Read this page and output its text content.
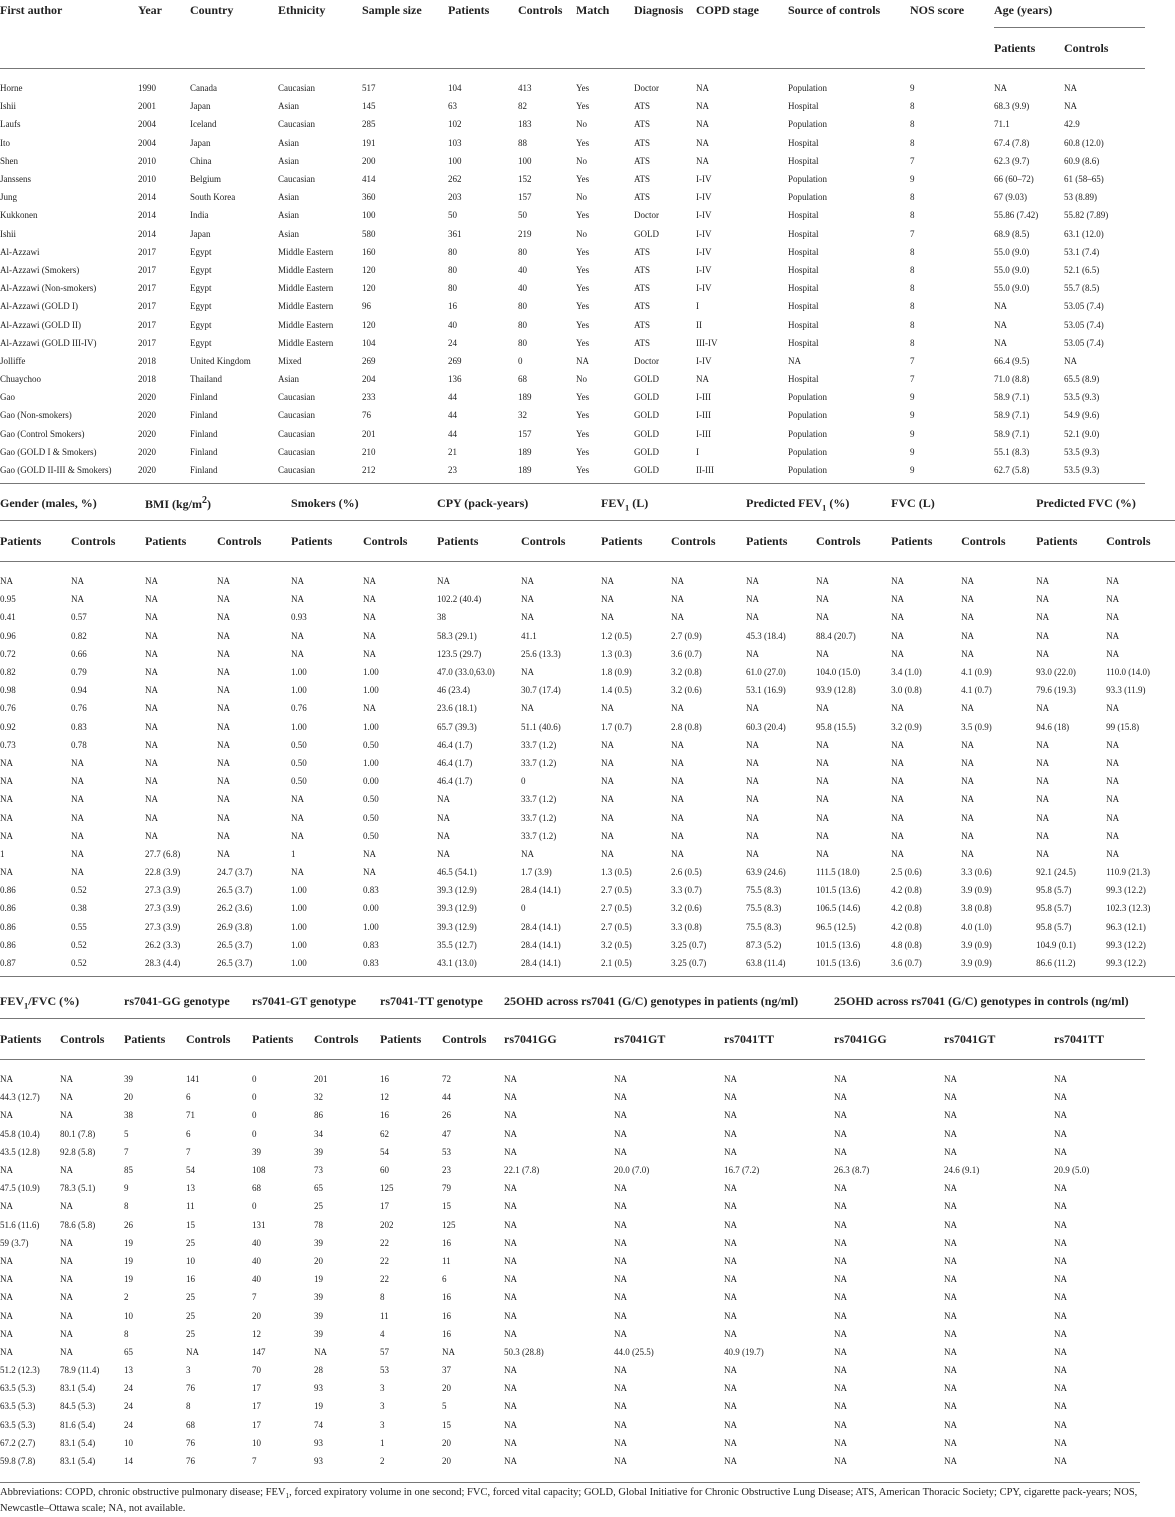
First author	Year	Country	Ethnicity	Sample size	Patients	Controls	Match	Diagnosis	COPD stage	Source of controls	NOS score	Age (years)	
												Patients	Controls

Horne	1990	Canada	Caucasian	517	104	413	Yes	Doctor	NA	Population	9	NA	NA
Ishii	2001	Japan	Asian	145	63	82	Yes	ATS	NA	Hospital	8	68.3 (9.9)	NA
Laufs	2004	Iceland	Caucasian	285	102	183	No	ATS	NA	Population	8	71.1	42.9
Ito	2004	Japan	Asian	191	103	88	Yes	ATS	NA	Hospital	8	67.4 (7.8)	60.8 (12.0)
Shen	2010	China	Asian	200	100	100	No	ATS	NA	Hospital	7	62.3 (9.7)	60.9 (8.6)
Janssens	2010	Belgium	Caucasian	414	262	152	Yes	ATS	I-IV	Population	9	66 (60–72)	61 (58–65)
Jung	2014	South Korea	Asian	360	203	157	No	ATS	I-IV	Population	8	67 (9.03)	53 (8.89)
Kukkonen	2014	India	Asian	100	50	50	Yes	Doctor	I-IV	Hospital	8	55.86 (7.42)	55.82 (7.89)
Ishii	2014	Japan	Asian	580	361	219	No	GOLD	I-IV	Hospital	7	68.9 (8.5)	63.1 (12.0)
Al-Azzawi	2017	Egypt	Middle Eastern	160	80	80	Yes	ATS	I-IV	Hospital	8	55.0 (9.0)	53.1 (7.4)
Al-Azzawi (Smokers)	2017	Egypt	Middle Eastern	120	80	40	Yes	ATS	I-IV	Hospital	8	55.0 (9.0)	52.1 (6.5)
Al-Azzawi (Non-smokers)	2017	Egypt	Middle Eastern	120	80	40	Yes	ATS	I-IV	Hospital	8	55.0 (9.0)	55.7 (8.5)
Al-Azzawi (GOLD I)	2017	Egypt	Middle Eastern	96	16	80	Yes	ATS	I	Hospital	8	NA	53.05 (7.4)
Al-Azzawi (GOLD II)	2017	Egypt	Middle Eastern	120	40	80	Yes	ATS	II	Hospital	8	NA	53.05 (7.4)
Al-Azzawi (GOLD III-IV)	2017	Egypt	Middle Eastern	104	24	80	Yes	ATS	III-IV	Hospital	8	NA	53.05 (7.4)
Jolliffe	2018	United Kingdom	Mixed	269	269	0	NA	Doctor	I-IV	NA	7	66.4 (9.5)	NA
Chuaychoo	2018	Thailand	Asian	204	136	68	No	GOLD	NA	Hospital	7	71.0 (8.8)	65.5 (8.9)
Gao	2020	Finland	Caucasian	233	44	189	Yes	GOLD	I-III	Population	9	58.9 (7.1)	53.5 (9.3)
Gao (Non-smokers)	2020	Finland	Caucasian	76	44	32	Yes	GOLD	I-III	Population	9	58.9 (7.1)	54.9 (9.6)
Gao (Control Smokers)	2020	Finland	Caucasian	201	44	157	Yes	GOLD	I-III	Population	9	58.9 (7.1)	52.1 (9.0)
Gao (GOLD I & Smokers)	2020	Finland	Caucasian	210	21	189	Yes	GOLD	I	Population	9	55.1 (8.3)	53.5 (9.3)
Gao (GOLD II-III & Smokers)	2020	Finland	Caucasian	212	23	189	Yes	GOLD	II-III	Population	9	62.7 (5.8)	53.5 (9.3)

Gender (males, %)		BMI $(kg/m^2)$		Smokers (%)		CPY (pack-years)		$FEV_1$ (L)		Predicted $FEV_1$ (%)		FVC (L)		Predicted FVC (%)	
Patients	Controls	Patients	Controls	Patients	Controls	Patients	Controls	Patients	Controls	Patients	Controls	Patients	Controls	Patients	Controls

NA	NA	NA	NA	NA	NA	NA	NA	NA	NA	NA	NA	NA	NA	NA	NA
0.95	NA	NA	NA	NA	NA	102.2 (40.4)	NA	NA	NA	NA	NA	NA	NA	NA	NA
0.41	0.57	NA	NA	0.93	NA	38	NA	NA	NA	NA	NA	NA	NA	NA	NA
0.96	0.82	NA	NA	NA	NA	58.3 (29.1)	41.1	1.2 (0.5)	2.7 (0.9)	45.3 (18.4)	88.4 (20.7)	NA	NA	NA	NA
0.72	0.66	NA	NA	NA	NA	123.5 (29.7)	25.6 (13.3)	1.3 (0.3)	3.6 (0.7)	NA	NA	NA	NA	NA	NA
0.82	0.79	NA	NA	1.00	1.00	47.0 (33.0,63.0)	NA	1.8 (0.9)	3.2 (0.8)	61.0 (27.0)	104.0 (15.0)	3.4 (1.0)	4.1 (0.9)	93.0 (22.0)	110.0 (14.0)
0.98	0.94	NA	NA	1.00	1.00	46 (23.4)	30.7 (17.4)	1.4 (0.5)	3.2 (0.6)	53.1 (16.9)	93.9 (12.8)	3.0 (0.8)	4.1 (0.7)	79.6 (19.3)	93.3 (11.9)
0.76	0.76	NA	NA	0.76	NA	23.6 (18.1)	NA	NA	NA	NA	NA	NA	NA	NA	NA
0.92	0.83	NA	NA	1.00	1.00	65.7 (39.3)	51.1 (40.6)	1.7 (0.7)	2.8 (0.8)	60.3 (20.4)	95.8 (15.5)	3.2 (0.9)	3.5 (0.9)	94.6 (18)	99 (15.8)
0.73	0.78	NA	NA	0.50	0.50	46.4 (1.7)	33.7 (1.2)	NA	NA	NA	NA	NA	NA	NA	NA
NA	NA	NA	NA	0.50	1.00	46.4 (1.7)	33.7 (1.2)	NA	NA	NA	NA	NA	NA	NA	NA
NA	NA	NA	NA	0.50	0.00	46.4 (1.7)	0	NA	NA	NA	NA	NA	NA	NA	NA
NA	NA	NA	NA	NA	0.50	NA	33.7 (1.2)	NA	NA	NA	NA	NA	NA	NA	NA
NA	NA	NA	NA	NA	0.50	NA	33.7 (1.2)	NA	NA	NA	NA	NA	NA	NA	NA
NA	NA	NA	NA	NA	0.50	NA	33.7 (1.2)	NA	NA	NA	NA	NA	NA	NA	NA
1	NA	27.7 (6.8)	NA	1	NA	NA	NA	NA	NA	NA	NA	NA	NA	NA	NA
NA	NA	22.8 (3.9)	24.7 (3.7)	NA	NA	46.5 (54.1)	1.7 (3.9)	1.3 (0.5)	2.6 (0.5)	63.9 (24.6)	111.5 (18.0)	2.5 (0.6)	3.3 (0.6)	92.1 (24.5)	110.9 (21.3)
0.86	0.52	27.3 (3.9)	26.5 (3.7)	1.00	0.83	39.3 (12.9)	28.4 (14.1)	2.7 (0.5)	3.3 (0.7)	75.5 (8.3)	101.5 (13.6)	4.2 (0.8)	3.9 (0.9)	95.8 (5.7)	99.3 (12.2)
0.86	0.38	27.3 (3.9)	26.2 (3.6)	1.00	0.00	39.3 (12.9)	0	2.7 (0.5)	3.2 (0.6)	75.5 (8.3)	106.5 (14.6)	4.2 (0.8)	3.8 (0.8)	95.8 (5.7)	102.3 (12.3)
0.86	0.55	27.3 (3.9)	26.9 (3.8)	1.00	1.00	39.3 (12.9)	28.4 (14.1)	2.7 (0.5)	3.3 (0.8)	75.5 (8.3)	96.5 (12.5)	4.2 (0.8)	4.0 (1.0)	95.8 (5.7)	96.3 (12.1)
0.86	0.52	26.2 (3.3)	26.5 (3.7)	1.00	0.83	35.5 (12.7)	28.4 (14.1)	3.2 (0.5)	3.25 (0.7)	87.3 (5.2)	101.5 (13.6)	4.8 (0.8)	3.9 (0.9)	104.9 (0.1)	99.3 (12.2)
0.87	0.52	28.3 (4.4)	26.5 (3.7)	1.00	0.83	43.1 (13.0)	28.4 (14.1)	2.1 (0.5)	3.25 (0.7)	63.8 (11.4)	101.5 (13.6)	3.6 (0.7)	3.9 (0.9)	86.6 (11.2)	99.3 (12.2)

$FEV_1$/FVC (%)		rs7041-GG genotype		rs7041-GT genotype		rs7041-TT genotype		25OHD across rs7041 (G/C) genotypes in patients (ng/ml)			25OHD across rs7041 (G/C) genotypes in controls (ng/ml)		
Patients	Controls	Patients	Controls	Patients	Controls	Patients	Controls	rs7041GG	rs7041GT	rs7041TT	rs7041GG	rs7041GT	rs7041TT

NA	NA	39	141	0	201	16	72	NA	NA	NA	NA	NA	NA
44.3 (12.7)	NA	20	6	0	32	12	44	NA	NA	NA	NA	NA	NA
NA	NA	38	71	0	86	16	26	NA	NA	NA	NA	NA	NA
45.8 (10.4)	80.1 (7.8)	5	6	0	34	62	47	NA	NA	NA	NA	NA	NA
43.5 (12.8)	92.8 (5.8)	7	7	39	39	54	53	NA	NA	NA	NA	NA	NA
NA	NA	85	54	108	73	60	23	22.1 (7.8)	20.0 (7.0)	16.7 (7.2)	26.3 (8.7)	24.6 (9.1)	20.9 (5.0)
47.5 (10.9)	78.3 (5.1)	9	13	68	65	125	79	NA	NA	NA	NA	NA	NA
NA	NA	8	11	0	25	17	15	NA	NA	NA	NA	NA	NA
51.6 (11.6)	78.6 (5.8)	26	15	131	78	202	125	NA	NA	NA	NA	NA	NA
59 (3.7)	NA	19	25	40	39	22	16	NA	NA	NA	NA	NA	NA
NA	NA	19	10	40	20	22	11	NA	NA	NA	NA	NA	NA
NA	NA	19	16	40	19	22	6	NA	NA	NA	NA	NA	NA
NA	NA	2	25	7	39	8	16	NA	NA	NA	NA	NA	NA
NA	NA	10	25	20	39	11	16	NA	NA	NA	NA	NA	NA
NA	NA	8	25	12	39	4	16	NA	NA	NA	NA	NA	NA
NA	NA	65	NA	147	NA	57	NA	50.3 (28.8)	44.0 (25.5)	40.9 (19.7)	NA	NA	NA
51.2 (12.3)	78.9 (11.4)	13	3	70	28	53	37	NA	NA	NA	NA	NA	NA
63.5 (5.3)	83.1 (5.4)	24	76	17	93	3	20	NA	NA	NA	NA	NA	NA
63.5 (5.3)	84.5 (5.3)	24	8	17	19	3	5	NA	NA	NA	NA	NA	NA
63.5 (5.3)	81.6 (5.4)	24	68	17	74	3	15	NA	NA	NA	NA	NA	NA
67.2 (2.7)	83.1 (5.4)	10	76	10	93	1	20	NA	NA	NA	NA	NA	NA
59.8 (7.8)	83.1 (5.4)	14	76	7	93	2	20	NA	NA	NA	NA	NA	NA
Abbreviations: COPD, chronic obstructive pulmonary disease; $FEV_1$, forced expiratory volume in one second; FVC, forced vital capacity; GOLD, Global Initiative for Chronic Obstructive Lung Disease; ATS, American Thoracic Society; CPY, cigarette pack-years; NOS, Newcastle–Ottawa scale; NA, not available.
